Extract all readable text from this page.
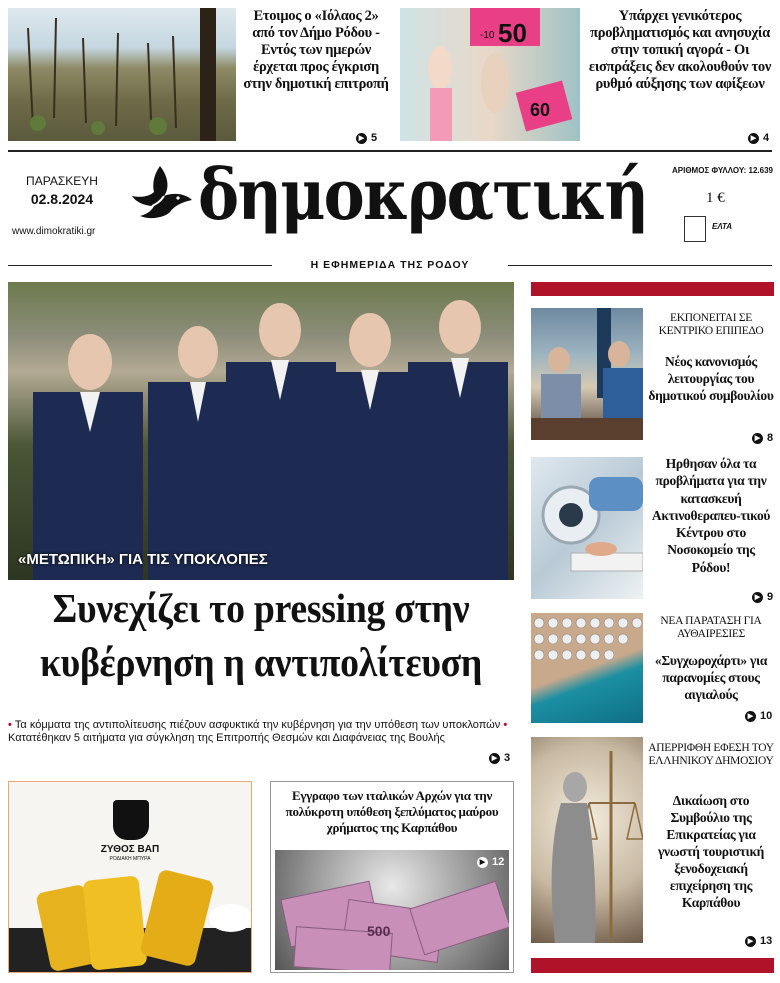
Ετοιμος ο «Ιόλαος 2» από τον Δήμο Ρόδου - Εντός των ημερών έρχεται προς έγκριση στην δημοτική επιτροπή
▶ 5
-10 50
60
Υπάρχει γενικότερος προβληματισμός και ανησυχία στην τοπική αγορά - Οι εισπράξεις δεν ακολουθούν τον ρυθμό αύξησης των αφίξεων
▶ 4
ΠΑΡΑΣΚΕΥΗ
02.8.2024
www.dimokratiki.gr δημοκρατική	ΑΡΙΘΜΟΣ ΦΥΛΛΟΥ: 12.639
1 €
ΕΛΤΑ
Η ΕΦΗΜΕΡΙΔΑ ΤΗΣ ΡΟΔΟΥ
«ΜΕΤΩΠΙΚΗ» ΓΙΑ ΤΙΣ ΥΠΟΚΛΟΠΕΣ
Συνεχίζει το pressing στην
κυβέρνηση η αντιπολίτευση
• Τα κόμματα της αντιπολίτευσης πιέζουν ασφυκτικά την κυβέρνηση για την υπόθεση των υποκλοπών • Κατατέθηκαν 5 αιτήματα για σύγκληση της Επιτροπής Θεσμών και Διαφάνειας της Βουλής
▶ 3
ΖΥΘΟΣ ΒΑΠ
ΡΟΔΙΑΚΗ ΜΠΥΡΑ
Εγγραφο των ιταλικών Αρχών για την πολύκροτη υπόθεση ξεπλύματος μαύρου χρήματος της Καρπάθου
500
▶ 12
ΕΚΠΟΝΕΙΤΑΙ ΣΕ ΚΕΝΤΡΙΚΟ ΕΠΙΠΕΔΟ
Νέος κανονισμός λειτουργίας του δημοτικού συμβουλίου
▶ 8
Ηρθησαν όλα τα προβλήματα για την κατασκευή Ακτινοθεραπευ-τικού Κέντρου στο Νοσοκομείο της Ρόδου!
▶ 9
ΝΕΑ ΠΑΡΑΤΑΣΗ ΓΙΑ ΑΥΘΑΙΡΕΣΙΕΣ
«Συγχωροχάρτι» για παρανομίες στους αιγιαλούς
▶ 10
ΑΠΕΡΡΙΦΘΗ ΕΦΕΣΗ ΤΟΥ ΕΛΛΗΝΙΚΟΥ ΔΗΜΟΣΙΟΥ
Δικαίωση στο Συμβούλιο της Επικρατείας για γνωστή τουριστική ξενοδοχειακή επιχείρηση της Καρπάθου
▶ 13
